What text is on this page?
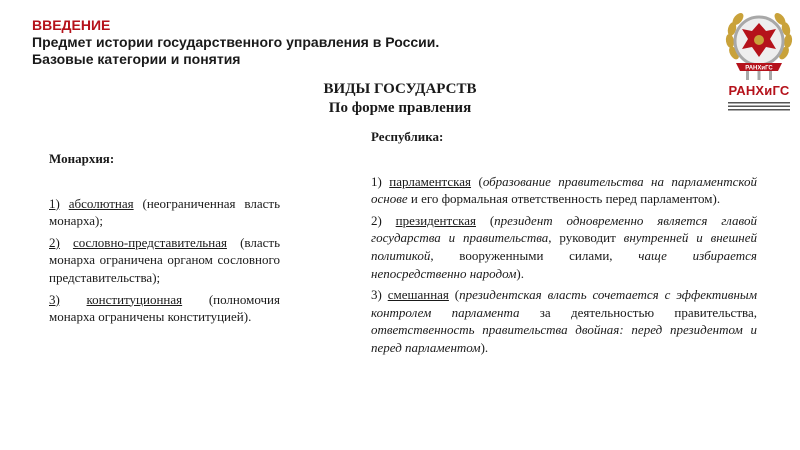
ВВЕДЕНИЕ
Предмет истории государственного управления в России.
Базовые категории и понятия
РАНХиГС
РАНХиГС
ВИДЫ ГОСУДАРСТВ
По форме правления

Монархия:

1) абсолютная (неограниченная власть монарха);

2) сословно-представительная (власть монарха ограничена органом сословного представительства);

3) конституционная (полномочия монарха ограничены конституцией).

Республика:

1) парламентская (образование правительства на парламентской основе и его формальная ответственность перед парламентом).

2) президентская (президент одновременно является главой государства и правительства, руководит внутренней и внешней политикой, вооруженными силами, чаще избирается непосредственно народом).

3) смешанная (президентская власть сочетается с эффективным контролем парламента за деятельностью правительства, ответственность правительства двойная: перед президентом и перед парламентом).
